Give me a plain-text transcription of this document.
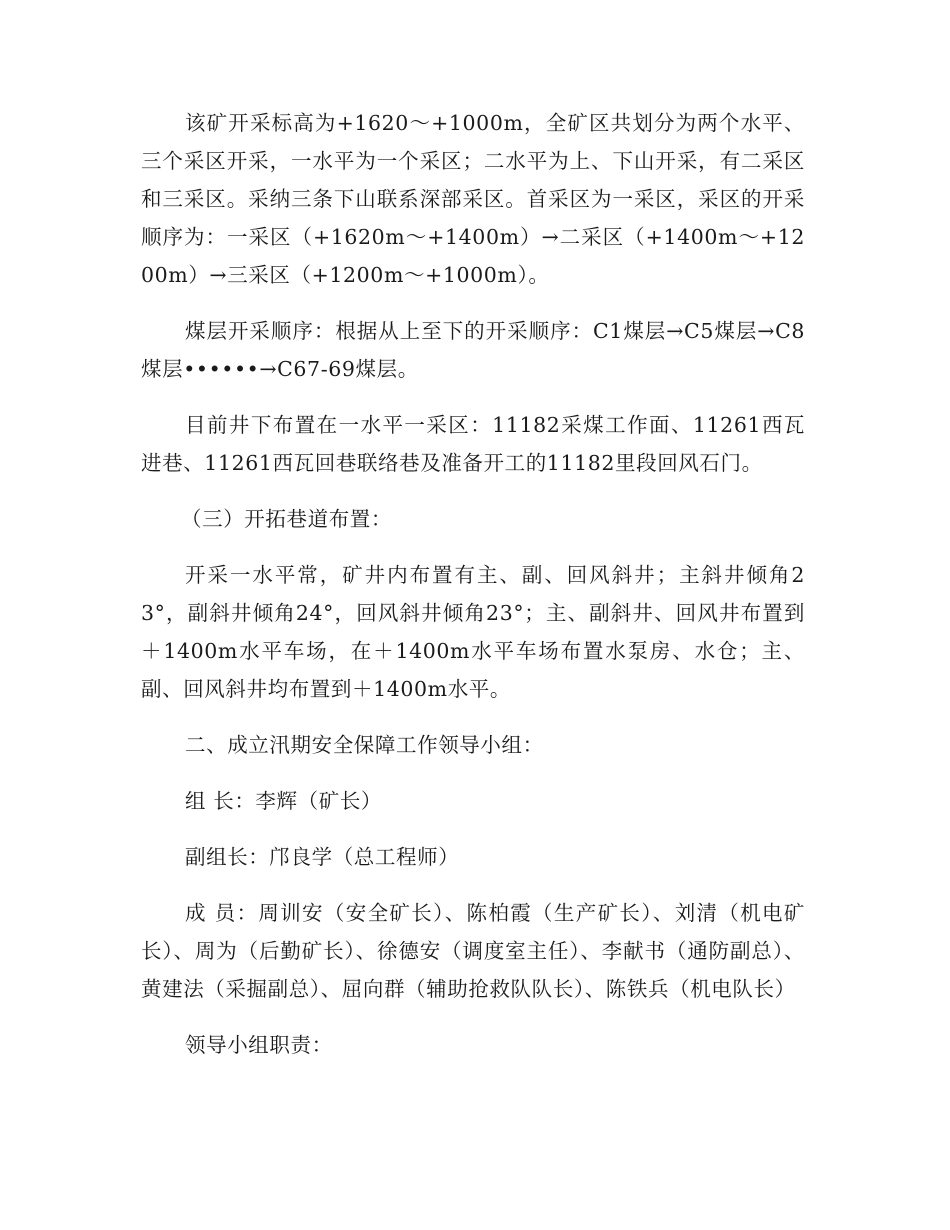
该矿开采标高为+1620～+1000m，全矿区共划分为两个水平、三个采区开采，一水平为一个采区；二水平为上、下山开采，有二采区和三采区。采纳三条下山联系深部采区。首采区为一采区，采区的开采顺序为：一采区（+1620m～+1400m）→二采区（+1400m～+1200m）→三采区（+1200m～+1000m）。

煤层开采顺序：根据从上至下的开采顺序：C1煤层→C5煤层→C8煤层••••••→C67-69煤层。

目前井下布置在一水平一采区：11182采煤工作面、11261西瓦进巷、11261西瓦回巷联络巷及准备开工的11182里段回风石门。

（三）开拓巷道布置：

开采一水平常，矿井内布置有主、副、回风斜井；主斜井倾角23°，副斜井倾角24°，回风斜井倾角23°；主、副斜井、回风井布置到＋1400m水平车场，在＋1400m水平车场布置水泵房、水仓；主、副、回风斜井均布置到＋1400m水平。

二、成立汛期安全保障工作领导小组：

组 长：李辉（矿长）

副组长：邝良学（总工程师）

成 员：周训安（安全矿长）、陈柏霞（生产矿长）、刘清（机电矿长）、周为（后勤矿长）、徐德安（调度室主任）、李献书（通防副总）、黄建法（采掘副总）、屈向群（辅助抢救队队长）、陈铁兵（机电队长）

领导小组职责：
